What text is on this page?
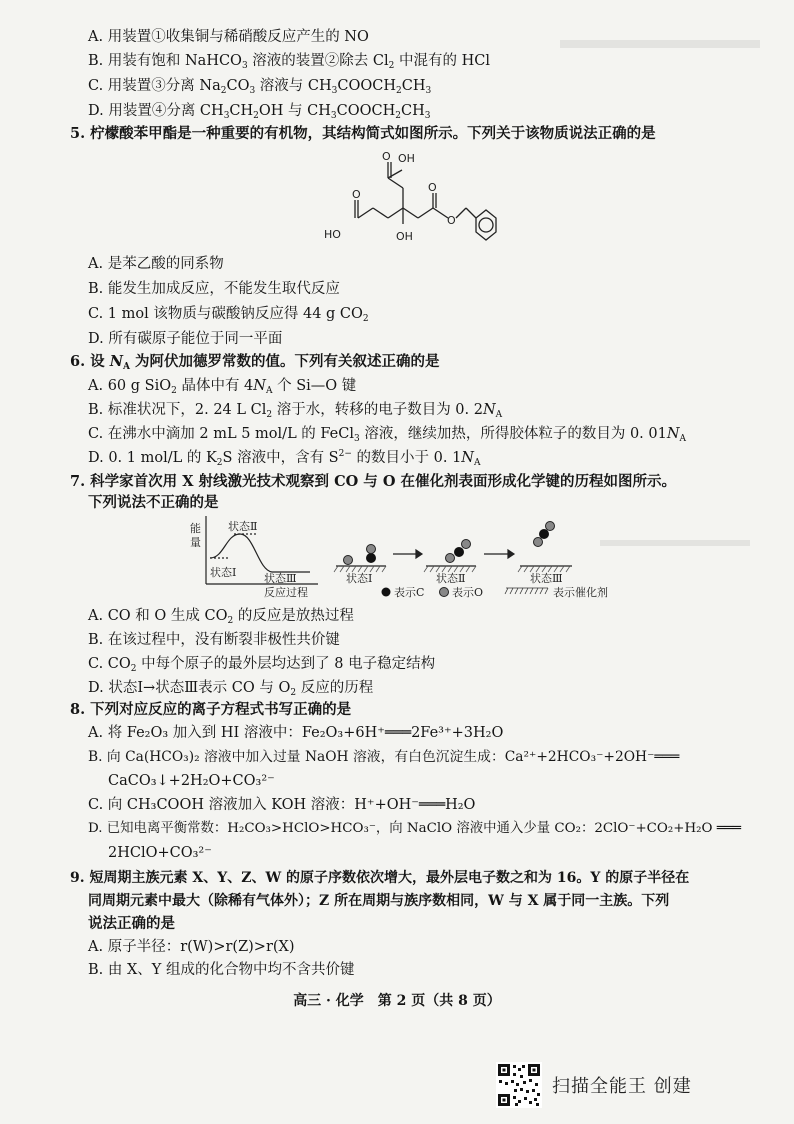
A. 用装置①收集铜与稀硝酸反应产生的 NO
B. 用装有饱和 NaHCO$_3$ 溶液的装置②除去 $Cl_2$ 中混有的 HCl
C. 用装置③分离 $Na_2CO_3$ 溶液与 $CH_3COOCH_2CH_3$
D. 用装置④分离 $CH_3CH_2OH$ 与 $CH_3COOCH_2CH_3$
5. 柠檬酸苯甲酯是一种重要的有机物，其结构简式如图所示。下列关于该物质说法正确的是
OH
O
HO
O
OH
O
O
A. 是苯乙酸的同系物
B. 能发生加成反应，不能发生取代反应
C. 1 mol 该物质与碳酸钠反应得 44 g $CO_2$
D. 所有碳原子能位于同一平面
6. 设 $N_A$ 为阿伏加德罗常数的值。下列有关叙述正确的是
A. 60 g SiO$_2$ 晶体中有 $4N_A$ 个 Si—O 键
B. 标准状况下，2. 24 L $Cl_2$ 溶于水，转移的电子数目为 0. $2N_A$
C. 在沸水中滴加 2 mL 5 mol/L 的 FeCl$_3$ 溶液，继续加热，所得胶体粒子的数目为 0. $01N_A$
D. 0. 1 mol/L 的 $K_2S$ 溶液中，含有 $S^{2-}$ 的数目小于 0. $1N_A$
7. 科学家首次用 X 射线激光技术观察到 CO 与 O 在催化剂表面形成化学键的历程如图所示。
下列说法不正确的是
能
量
状态Ⅱ
状态Ⅰ	状态Ⅲ
反应过程
状态Ⅰ	状态Ⅱ	状态Ⅲ
表示C	表示O	表示催化剂
A. CO 和 O 生成 $CO_2$ 的反应是放热过程
B. 在该过程中，没有断裂非极性共价键
C. $CO_2$ 中每个原子的最外层均达到了 8 电子稳定结构
D. 状态Ⅰ→状态Ⅲ表示 CO 与 $O_2$ 反应的历程
8. 下列对应反应的离子方程式书写正确的是
A. 将 Fe₂O₃ 加入到 HI 溶液中：Fe₂O₃+6H⁺═══2Fe³⁺+3H₂O
B. 向 Ca(HCO₃)₂ 溶液中加入过量 NaOH 溶液，有白色沉淀生成：Ca²⁺+2HCO₃⁻+2OH⁻═══
CaCO₃↓+2H₂O+CO₃²⁻
C. 向 CH₃COOH 溶液加入 KOH 溶液：H⁺+OH⁻═══H₂O
D. 已知电离平衡常数：H₂CO₃>HClO>HCO₃⁻，向 NaClO 溶液中通入少量 CO₂：2ClO⁻+CO₂+H₂O ═══
2HClO+CO₃²⁻
9. 短周期主族元素 X、Y、Z、W 的原子序数依次增大，最外层电子数之和为 16。Y 的原子半径在
同周期元素中最大（除稀有气体外）；Z 所在周期与族序数相同，W 与 X 属于同一主族。下列
说法正确的是
A. 原子半径：r(W)>r(Z)>r(X)
B. 由 X、Y 组成的化合物中均不含共价键
高三 · 化学　第 2 页（共 8 页）
扫描全能王 创建
